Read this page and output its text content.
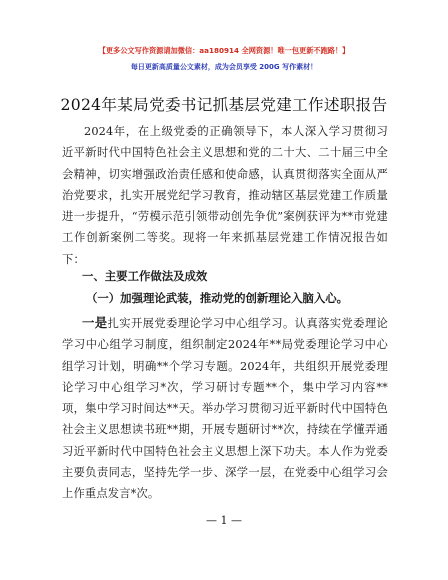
【更多公文写作资源请加微信：aa180914 全网资源！唯一包更新不跑路！】
每日更新高质量公文素材，成为会员享受 200G 写作素材！
2024年某局党委书记抓基层党建工作述职报告
2024年，在上级党委的正确领导下，本人深入学习贯彻习近平新时代中国特色社会主义思想和党的二十大、二十届三中全会精神，切实增强政治责任感和使命感，认真贯彻落实全面从严治党要求，扎实开展党纪学习教育，推动辖区基层党建工作质量进一步提升，“劳模示范引领带动创先争优”案例获评为**市党建工作创新案例二等奖。现将一年来抓基层党建工作情况报告如下：
一、主要工作做法及成效
（一）加强理论武装，推动党的创新理论入脑入心。
一是扎实开展党委理论学习中心组学习。认真落实党委理论学习中心组学习制度，组织制定2024年**局党委理论学习中心组学习计划，明确**个学习专题。2024年，共组织开展党委理论学习中心组学习*次，学习研讨专题**个，集中学习内容**项，集中学习时间达**天。举办学习贯彻习近平新时代中国特色社会主义思想读书班**期，开展专题研讨**次，持续在学懂弄通习近平新时代中国特色社会主义思想上深下功夫。本人作为党委主要负责同志，坚持先学一步、深学一层，在党委中心组学习会上作重点发言*次。
— 1 —
